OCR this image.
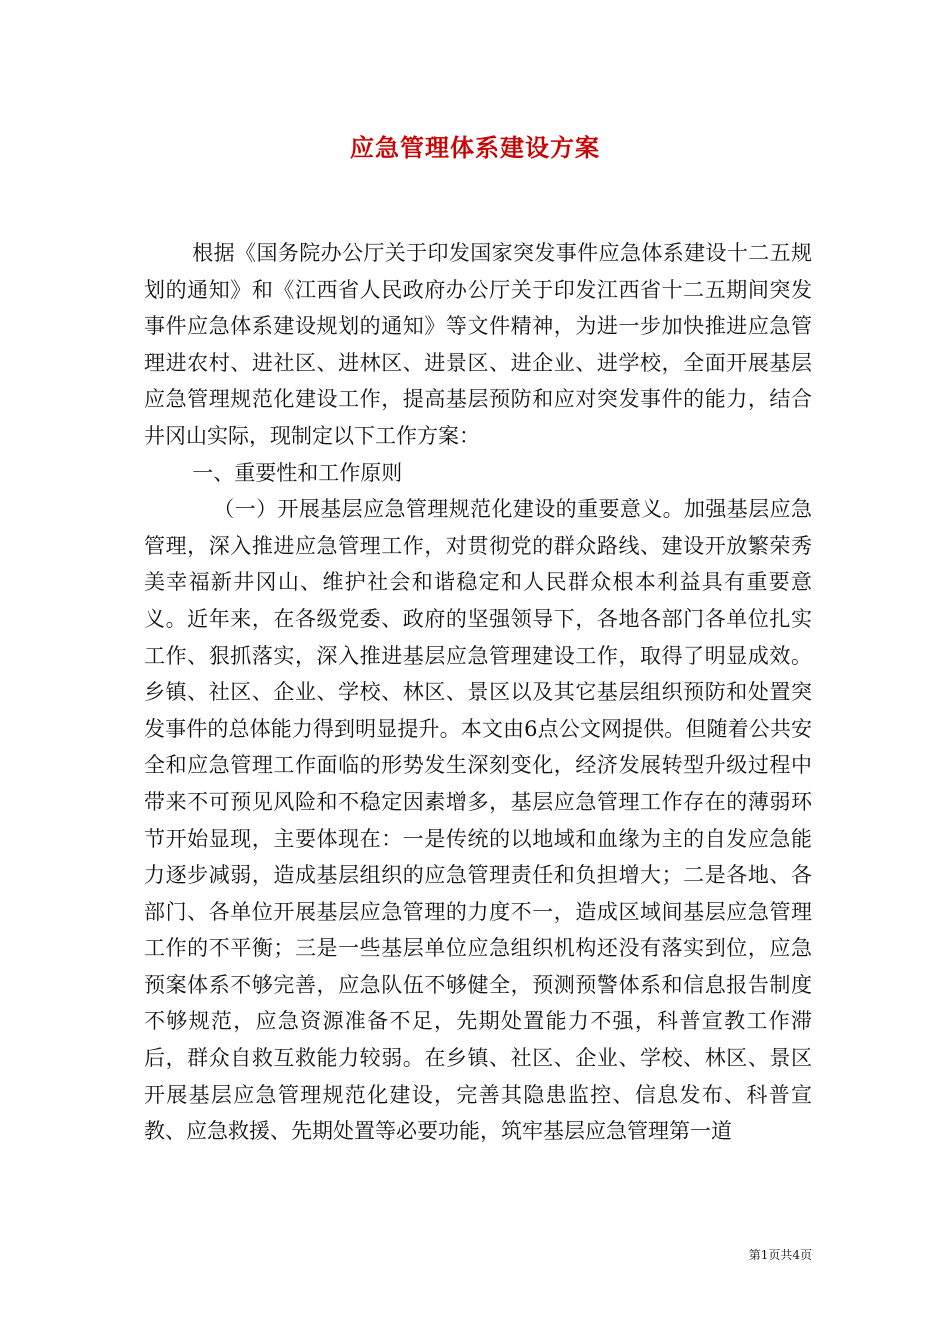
应急管理体系建设方案

根据《国务院办公厅关于印发国家突发事件应急体系建设十二五规划的通知》和《江西省人民政府办公厅关于印发江西省十二五期间突发事件应急体系建设规划的通知》等文件精神，为进一步加快推进应急管理进农村、进社区、进林区、进景区、进企业、进学校，全面开展基层应急管理规范化建设工作，提高基层预防和应对突发事件的能力，结合井冈山实际，现制定以下工作方案：

一、重要性和工作原则

（一）开展基层应急管理规范化建设的重要意义。加强基层应急管理，深入推进应急管理工作，对贯彻党的群众路线、建设开放繁荣秀美幸福新井冈山、维护社会和谐稳定和人民群众根本利益具有重要意义。近年来，在各级党委、政府的坚强领导下，各地各部门各单位扎实工作、狠抓落实，深入推进基层应急管理建设工作，取得了明显成效。乡镇、社区、企业、学校、林区、景区以及其它基层组织预防和处置突发事件的总体能力得到明显提升。本文由6点公文网提供。但随着公共安全和应急管理工作面临的形势发生深刻变化，经济发展转型升级过程中带来不可预见风险和不稳定因素增多，基层应急管理工作存在的薄弱环节开始显现，主要体现在：一是传统的以地域和血缘为主的自发应急能力逐步减弱，造成基层组织的应急管理责任和负担增大；二是各地、各部门、各单位开展基层应急管理的力度不一，造成区域间基层应急管理工作的不平衡；三是一些基层单位应急组织机构还没有落实到位，应急预案体系不够完善，应急队伍不够健全，预测预警体系和信息报告制度不够规范，应急资源准备不足，先期处置能力不强，科普宣教工作滞后，群众自救互救能力较弱。在乡镇、社区、企业、学校、林区、景区开展基层应急管理规范化建设，完善其隐患监控、信息发布、科普宣教、应急救援、先期处置等必要功能，筑牢基层应急管理第一道

第1页共4页
